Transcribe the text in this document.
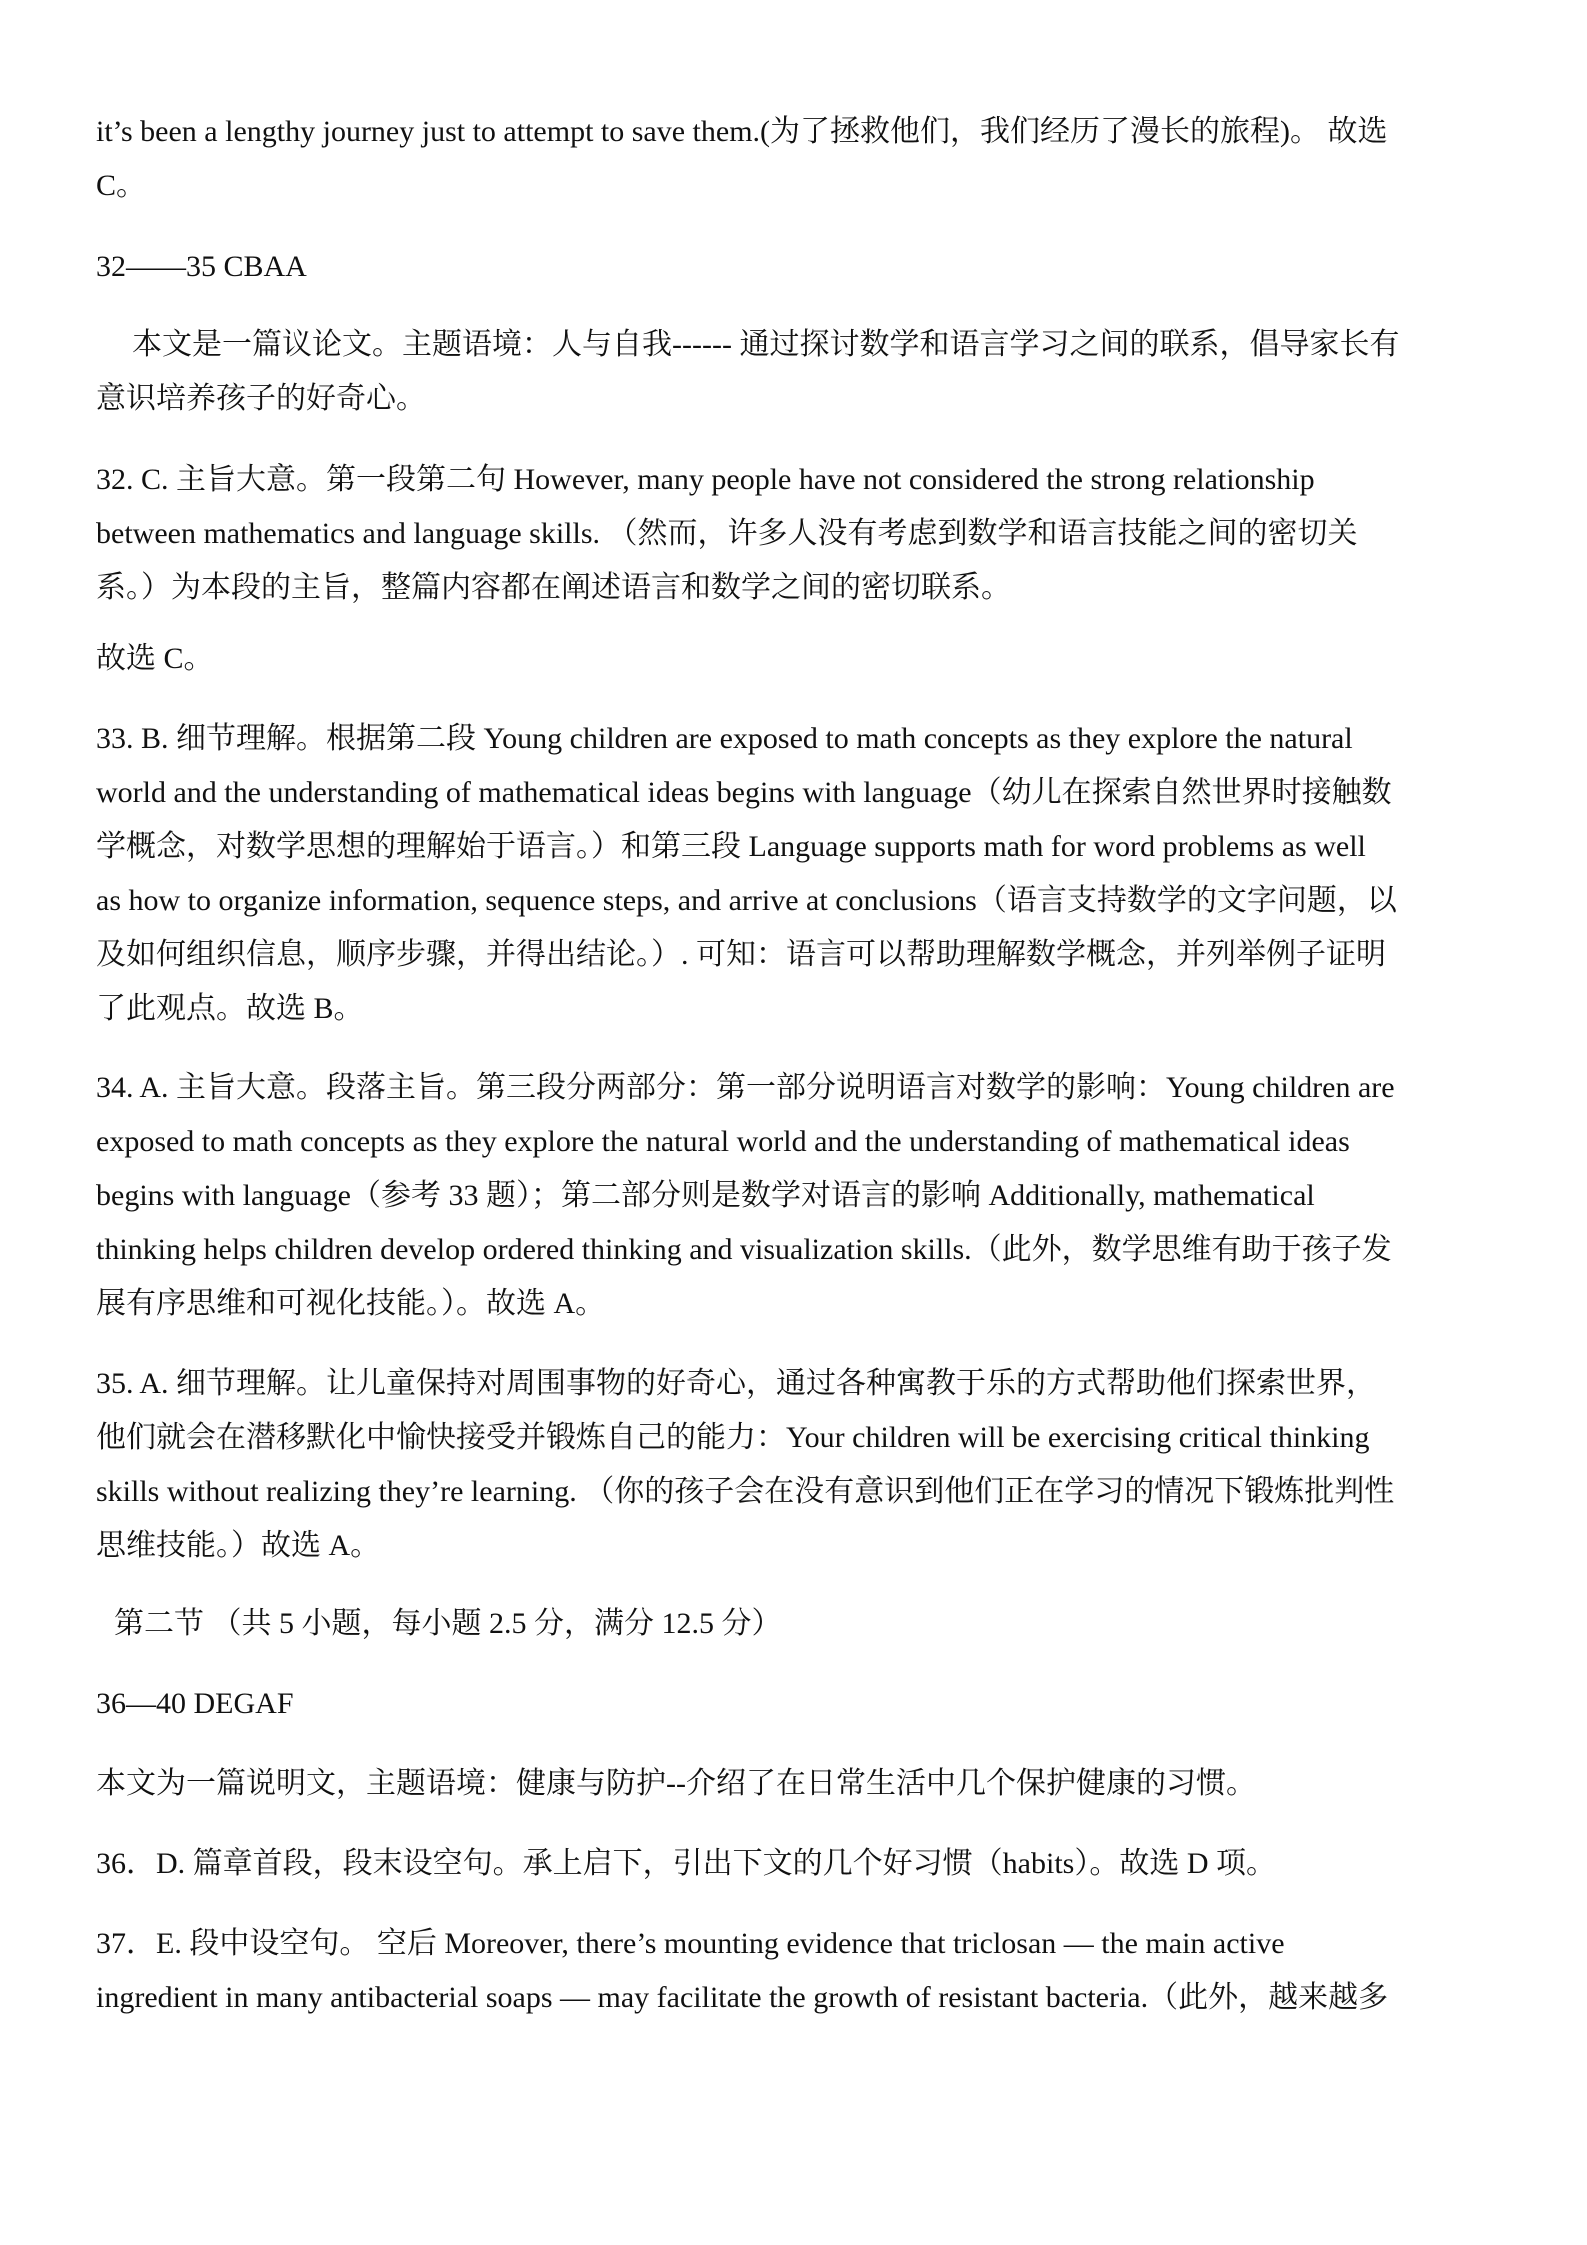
it’s been a lengthy journey just to attempt to save them.(为了拯救他们，我们经历了漫长的旅程)。 故选
C。
32——35 CBAA
本文是一篇议论文。主题语境：人与自我------ 通过探讨数学和语言学习之间的联系，倡导家长有
意识培养孩子的好奇心。
32. C. 主旨大意。第一段第二句 However, many people have not considered the strong relationship
between mathematics and language skills. （然而，许多人没有考虑到数学和语言技能之间的密切关
系。）为本段的主旨，整篇内容都在阐述语言和数学之间的密切联系。
故选 C。
33. B. 细节理解。根据第二段 Young children are exposed to math concepts as they explore the natural
world and the understanding of mathematical ideas begins with language（幼儿在探索自然世界时接触数
学概念，对数学思想的理解始于语言。）和第三段 Language supports math for word problems as well
as how to organize information, sequence steps, and arrive at conclusions（语言支持数学的文字问题，以
及如何组织信息，顺序步骤，并得出结论。）. 可知：语言可以帮助理解数学概念，并列举例子证明
了此观点。故选 B。
34. A. 主旨大意。段落主旨。第三段分两部分：第一部分说明语言对数学的影响：Young children are
exposed to math concepts as they explore the natural world and the understanding of mathematical ideas
begins with language（参考 33 题）；第二部分则是数学对语言的影响 Additionally, mathematical
thinking helps children develop ordered thinking and visualization skills.（此外，数学思维有助于孩子发
展有序思维和可视化技能。）。故选 A。
35. A. 细节理解。让儿童保持对周围事物的好奇心，通过各种寓教于乐的方式帮助他们探索世界，
他们就会在潜移默化中愉快接受并锻炼自己的能力：Your children will be exercising critical thinking
skills without realizing they’re learning. （你的孩子会在没有意识到他们正在学习的情况下锻炼批判性
思维技能。）故选 A。
第二节 （共 5 小题，每小题 2.5 分，满分 12.5 分）
36—40 DEGAF
本文为一篇说明文，主题语境：健康与防护--介绍了在日常生活中几个保护健康的习惯。
36．D. 篇章首段，段末设空句。承上启下，引出下文的几个好习惯（habits）。故选 D 项。
37．E. 段中设空句。 空后 Moreover, there’s mounting evidence that triclosan — the main active
ingredient in many antibacterial soaps — may facilitate the growth of resistant bacteria.（此外，越来越多
